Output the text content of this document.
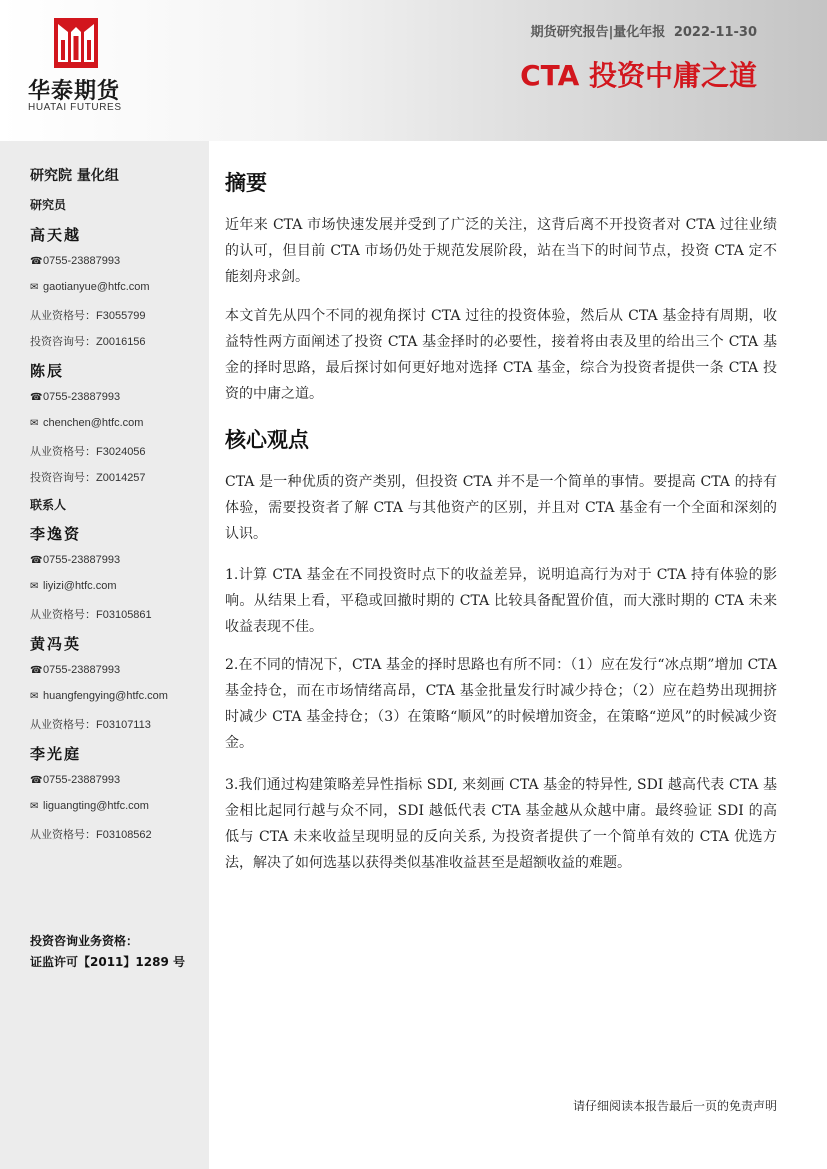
华泰期货
HUATAI FUTURES
期货研究报告|量化年报 2022-11-30
CTA 投资中庸之道
研究院 量化组
研究员
高天越
☎0755-23887993
✉ gaotianyue@htfc.com
从业资格号：F3055799
投资咨询号：Z0016156
陈辰
☎0755-23887993
✉ chenchen@htfc.com
从业资格号：F3024056
投资咨询号：Z0014257
联系人
李逸资
☎0755-23887993
✉ liyizi@htfc.com
从业资格号：F03105861
黄冯英
☎0755-23887993
✉ huangfengying@htfc.com
从业资格号：F03107113
李光庭
☎0755-23887993
✉ liguangting@htfc.com
从业资格号：F03108562
投资咨询业务资格：
证监许可【2011】1289 号
摘要
近年来 CTA 市场快速发展并受到了广泛的关注，这背后离不开投资者对 CTA 过往业绩的认可，但目前 CTA 市场仍处于规范发展阶段，站在当下的时间节点，投资 CTA 定不能刻舟求剑。
本文首先从四个不同的视角探讨 CTA 过往的投资体验，然后从 CTA 基金持有周期，收益特性两方面阐述了投资 CTA 基金择时的必要性，接着将由表及里的给出三个 CTA 基金的择时思路，最后探讨如何更好地对选择 CTA 基金，综合为投资者提供一条 CTA 投资的中庸之道。
核心观点
CTA 是一种优质的资产类别，但投资 CTA 并不是一个简单的事情。要提高 CTA 的持有体验，需要投资者了解 CTA 与其他资产的区别，并且对 CTA 基金有一个全面和深刻的认识。
1.计算 CTA 基金在不同投资时点下的收益差异，说明追高行为对于 CTA 持有体验的影响。从结果上看，平稳或回撤时期的 CTA 比较具备配置价值，而大涨时期的 CTA 未来收益表现不佳。
2.在不同的情况下，CTA 基金的择时思路也有所不同：（1）应在发行“冰点期”增加 CTA 基金持仓，而在市场情绪高昂，CTA 基金批量发行时减少持仓；（2）应在趋势出现拥挤时减少 CTA 基金持仓；（3）在策略“顺风”的时候增加资金，在策略“逆风”的时候减少资金。
3.我们通过构建策略差异性指标 SDI, 来刻画 CTA 基金的特异性, SDI 越高代表 CTA 基金相比起同行越与众不同，SDI 越低代表 CTA 基金越从众越中庸。最终验证 SDI 的高低与 CTA 未来收益呈现明显的反向关系, 为投资者提供了一个简单有效的 CTA 优选方法，解决了如何选基以获得类似基准收益甚至是超额收益的难题。
请仔细阅读本报告最后一页的免责声明
